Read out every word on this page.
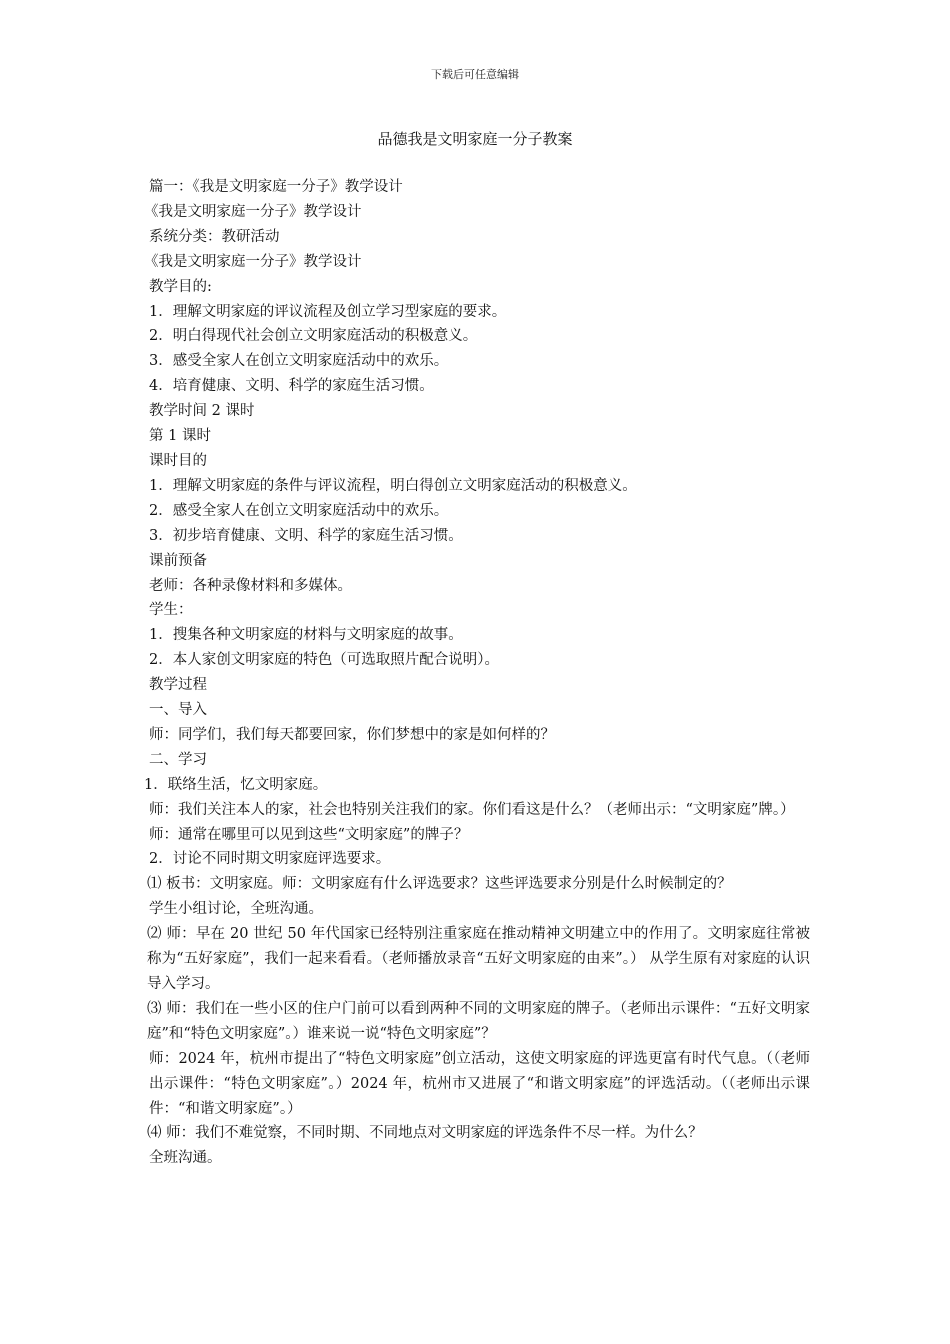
下载后可任意编辑
品德我是文明家庭一分子教案

篇一：《我是文明家庭一分子》教学设计

《我是文明家庭一分子》教学设计

系统分类：教研活动

《我是文明家庭一分子》教学设计

教学目的:

1．理解文明家庭的评议流程及创立学习型家庭的要求。

2．明白得现代社会创立文明家庭活动的积极意义。

3．感受全家人在创立文明家庭活动中的欢乐。

4．培育健康、文明、科学的家庭生活习惯。

教学时间 2 课时

第 1 课时

课时目的

1．理解文明家庭的条件与评议流程，明白得创立文明家庭活动的积极意义。

2．感受全家人在创立文明家庭活动中的欢乐。

3．初步培育健康、文明、科学的家庭生活习惯。

课前预备

老师：各种录像材料和多媒体。

学生：

1．搜集各种文明家庭的材料与文明家庭的故事。

2．本人家创文明家庭的特色（可选取照片配合说明）。

教学过程

一、导入

师：同学们，我们每天都要回家，你们梦想中的家是如何样的？

二、学习

1．联络生活，忆文明家庭。

师：我们关注本人的家，社会也特别关注我们的家。你们看这是什么？（老师出示：“文明家庭”牌。）

师：通常在哪里可以见到这些“文明家庭”的牌子？

2．讨论不同时期文明家庭评选要求。

⑴ 板书：文明家庭。师：文明家庭有什么评选要求？这些评选要求分别是什么时候制定的？

学生小组讨论，全班沟通。

⑵ 师：早在 20 世纪 50 年代国家已经特别注重家庭在推动精神文明建立中的作用了。文明家庭往常被称为“五好家庭”，我们一起来看看。（老师播放录音“五好文明家庭的由来”。） 从学生原有对家庭的认识导入学习。

⑶ 师：我们在一些小区的住户门前可以看到两种不同的文明家庭的牌子。（老师出示课件：“五好文明家庭”和“特色文明家庭”。）谁来说一说“特色文明家庭”？

师：2024 年，杭州市提出了“特色文明家庭”创立活动，这使文明家庭的评选更富有时代气息。（（老师出示课件：“特色文明家庭”。）2024 年，杭州市又进展了“和谐文明家庭”的评选活动。（（老师出示课件：“和谐文明家庭”。）

⑷ 师：我们不难觉察，不同时期、不同地点对文明家庭的评选条件不尽一样。为什么？

全班沟通。
